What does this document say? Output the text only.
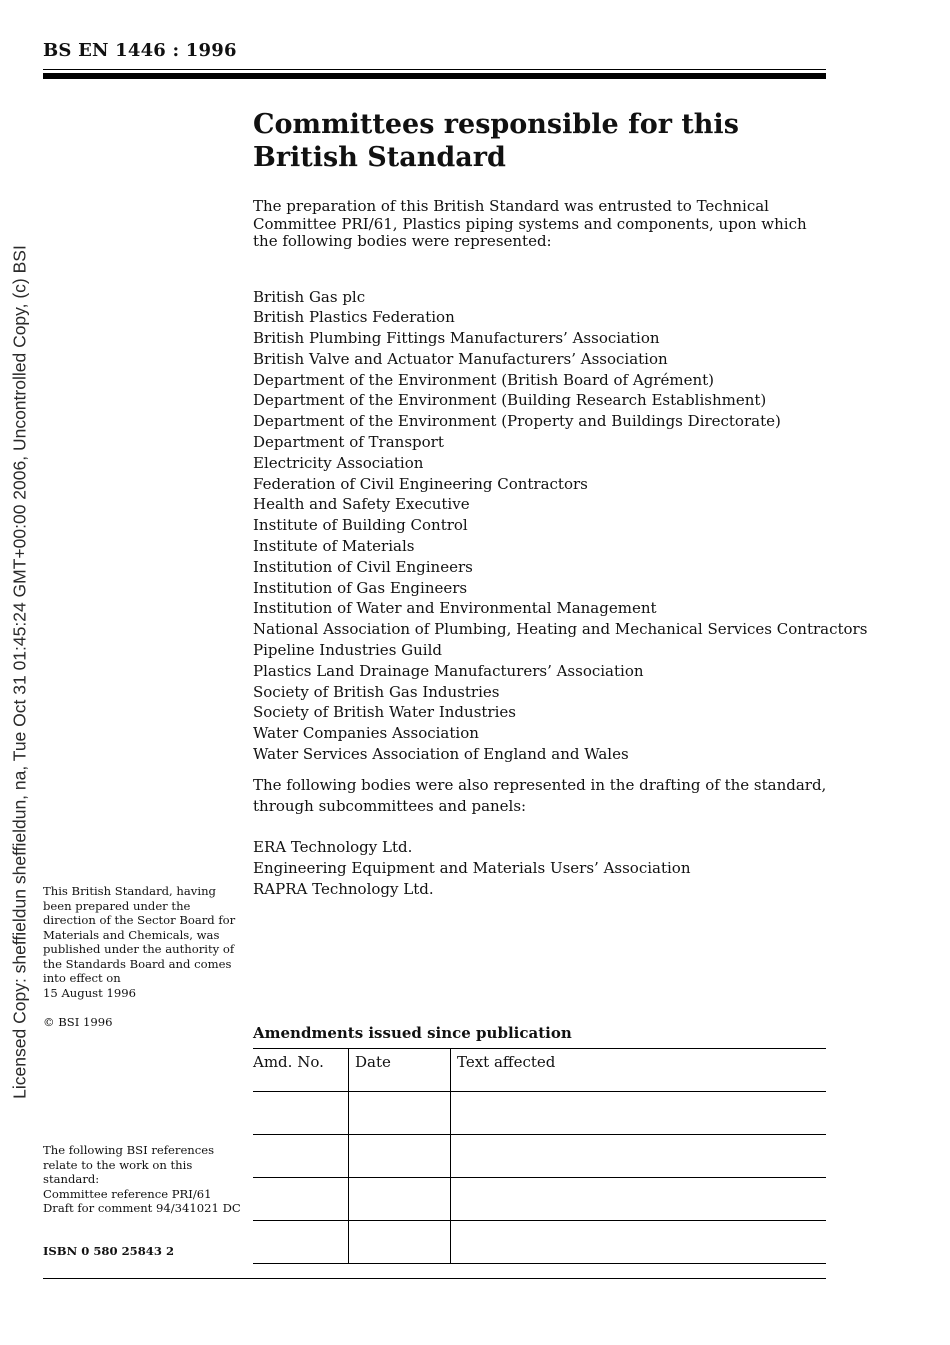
BS EN 1446 : 1996
Licensed Copy: sheffieldun sheffieldun, na, Tue Oct 31 01:45:24 GMT+00:00 2006, Uncontrolled Copy, (c) BSI
Committees responsible for this
British Standard

The preparation of this British Standard was entrusted to Technical Committee PRI/61, Plastics piping systems and components, upon which the following bodies were represented:

British Gas plc
British Plastics Federation
British Plumbing Fittings Manufacturers’ Association
British Valve and Actuator Manufacturers’ Association
Department of the Environment (British Board of Agrément)
Department of the Environment (Building Research Establishment)
Department of the Environment (Property and Buildings Directorate)
Department of Transport
Electricity Association
Federation of Civil Engineering Contractors
Health and Safety Executive
Institute of Building Control
Institute of Materials
Institution of Civil Engineers
Institution of Gas Engineers
Institution of Water and Environmental Management
National Association of Plumbing, Heating and Mechanical Services Contractors
Pipeline Industries Guild
Plastics Land Drainage Manufacturers’ Association
Society of British Gas Industries
Society of British Water Industries
Water Companies Association
Water Services Association of England and Wales

The following bodies were also represented in the drafting of the standard, through subcommittees and panels:

ERA Technology Ltd.
Engineering Equipment and Materials Users’ Association
RAPRA Technology Ltd.
This British Standard, having
been prepared under the
direction of the Sector Board for
Materials and Chemicals, was
published under the authority of
the Standards Board and comes
into effect on
15 August 1996
© BSI 1996
The following BSI references
relate to the work on this
standard:
Committee reference PRI/61
Draft for comment 94/341021 DC
ISBN 0 580 25843 2
Amendments issued since publication
Amd. No.	Date	Text affected
